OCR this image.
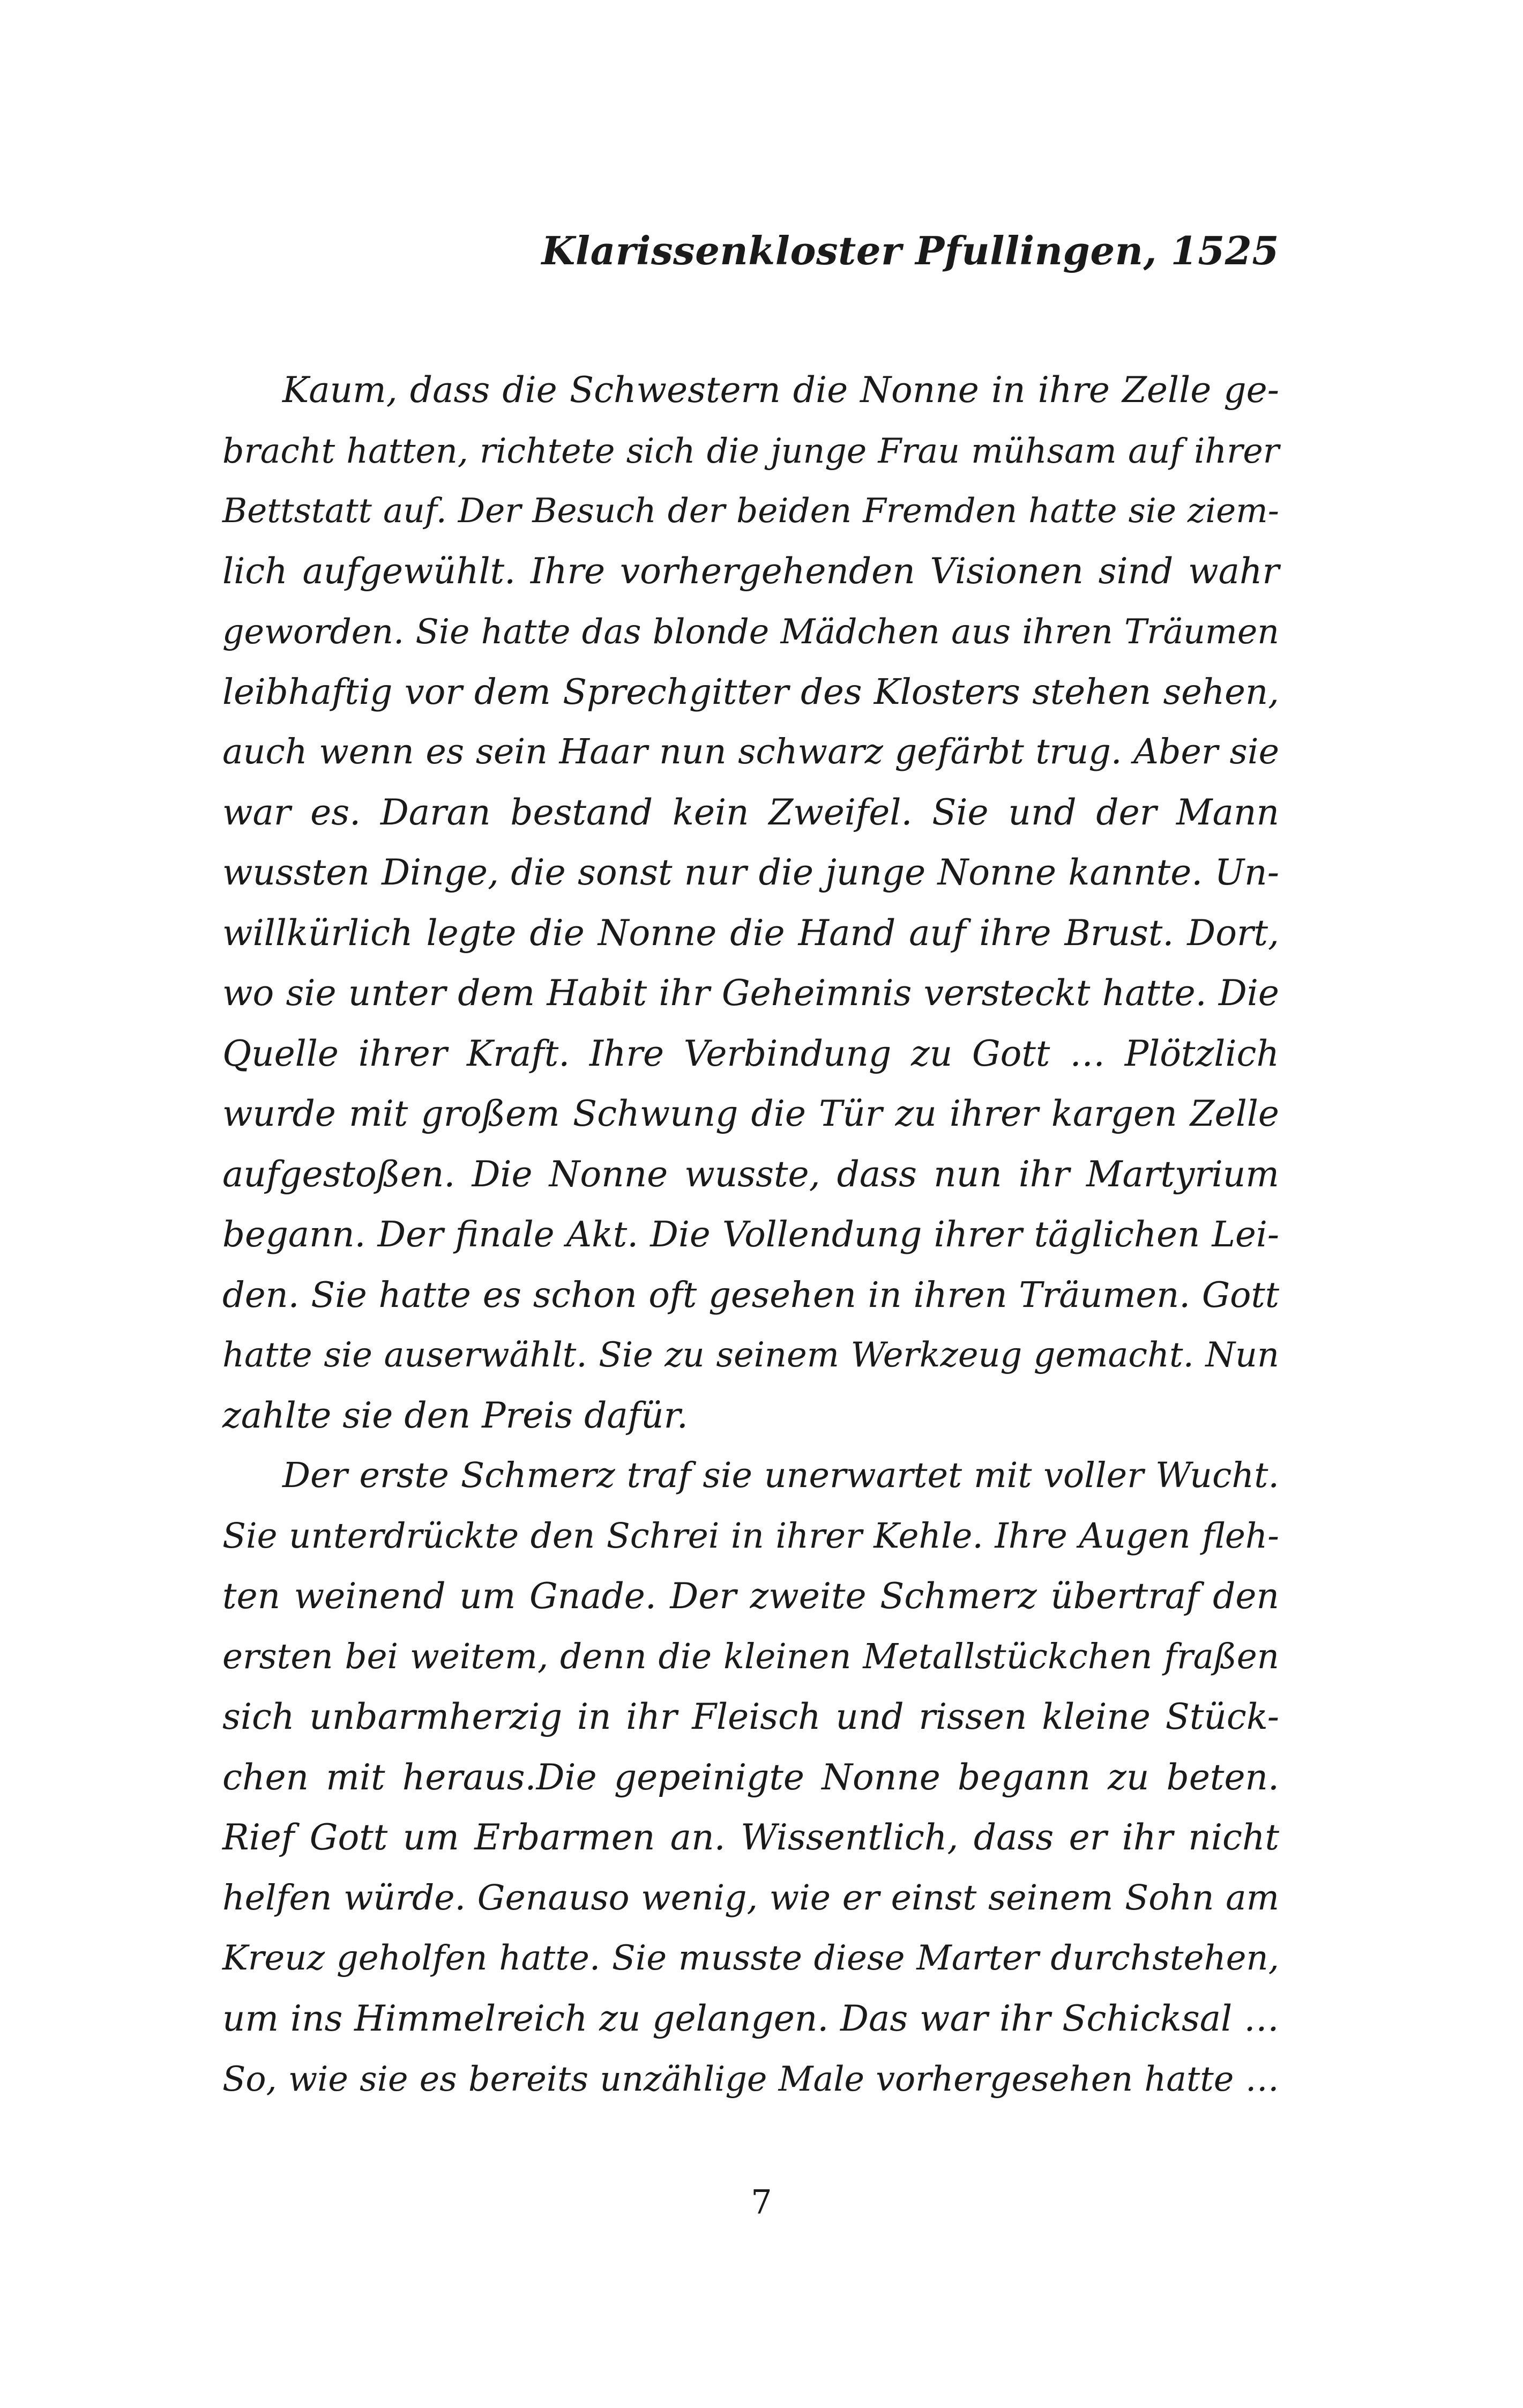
Klarissenkloster Pfullingen, 1525
Kaum, dass die Schwestern die Nonne in ihre Zelle ge-
bracht hatten, richtete sich die junge Frau mühsam auf ihrer
Bettstatt auf. Der Besuch der beiden Fremden hatte sie ziem-
lich aufgewühlt. Ihre vorhergehenden Visionen sind wahr
geworden. Sie hatte das blonde Mädchen aus ihren Träumen
leibhaftig vor dem Sprechgitter des Klosters stehen sehen,
auch wenn es sein Haar nun schwarz gefärbt trug. Aber sie
war es. Daran bestand kein Zweifel. Sie und der Mann
wussten Dinge, die sonst nur die junge Nonne kannte. Un-
willkürlich legte die Nonne die Hand auf ihre Brust. Dort,
wo sie unter dem Habit ihr Geheimnis versteckt hatte. Die
Quelle ihrer Kraft. Ihre Verbindung zu Gott … Plötzlich
wurde mit großem Schwung die Tür zu ihrer kargen Zelle
aufgestoßen. Die Nonne wusste, dass nun ihr Martyrium
begann. Der finale Akt. Die Vollendung ihrer täglichen Lei-
den. Sie hatte es schon oft gesehen in ihren Träumen. Gott
hatte sie auserwählt. Sie zu seinem Werkzeug gemacht. Nun
zahlte sie den Preis dafür.
Der erste Schmerz traf sie unerwartet mit voller Wucht.
Sie unterdrückte den Schrei in ihrer Kehle. Ihre Augen fleh-
ten weinend um Gnade. Der zweite Schmerz übertraf den
ersten bei weitem, denn die kleinen Metallstückchen fraßen
sich unbarmherzig in ihr Fleisch und rissen kleine Stück-
chen mit heraus.Die gepeinigte Nonne begann zu beten.
Rief Gott um Erbarmen an. Wissentlich, dass er ihr nicht
helfen würde. Genauso wenig, wie er einst seinem Sohn am
Kreuz geholfen hatte. Sie musste diese Marter durchstehen,
um ins Himmelreich zu gelangen. Das war ihr Schicksal …
So, wie sie es bereits unzählige Male vorhergesehen hatte …
7
